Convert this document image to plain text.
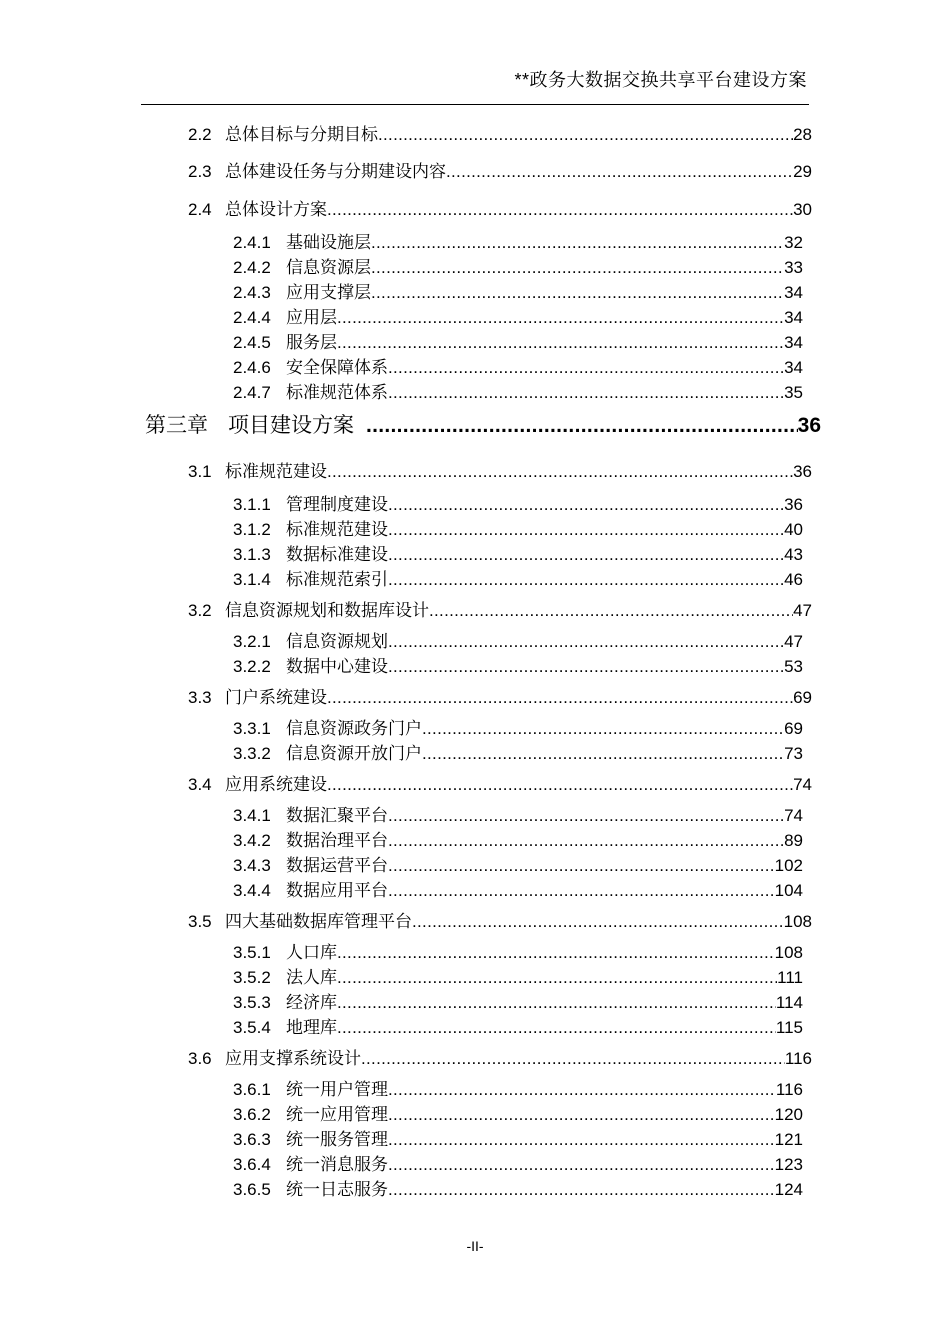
**政务大数据交换共享平台建设方案
2.2 总体目标与分期目标 .....	28
2.3 总体建设任务与分期建设内容 .....	29
2.4 总体设计方案 .....	30
2.4.1 基础设施层 .....	32
2.4.2 信息资源层 .....	33
2.4.3 应用支撑层 .....	34
2.4.4 应用层 .....	34
2.4.5 服务层 .....	34
2.4.6 安全保障体系 .....	34
2.4.7 标准规范体系 .....	35
第三章 项目建设方案 .....	36
3.1 标准规范建设 .....	36
3.1.1 管理制度建设 .....	36
3.1.2 标准规范建设 .....	40
3.1.3 数据标准建设 .....	43
3.1.4 标准规范索引 .....	46
3.2 信息资源规划和数据库设计 .....	47
3.2.1 信息资源规划 .....	47
3.2.2 数据中心建设 .....	53
3.3 门户系统建设 .....	69
3.3.1 信息资源政务门户 .....	69
3.3.2 信息资源开放门户 .....	73
3.4 应用系统建设 .....	74
3.4.1 数据汇聚平台 .....	74
3.4.2 数据治理平台 .....	89
3.4.3 数据运营平台 .....	102
3.4.4 数据应用平台 .....	104
3.5 四大基础数据库管理平台 .....	108
3.5.1 人口库 .....	108
3.5.2 法人库 .....	111
3.5.3 经济库 .....	114
3.5.4 地理库 .....	115
3.6 应用支撑系统设计 .....	116
3.6.1 统一用户管理 .....	116
3.6.2 统一应用管理 .....	120
3.6.3 统一服务管理 .....	121
3.6.4 统一消息服务 .....	123
3.6.5 统一日志服务 .....	124
-II-
